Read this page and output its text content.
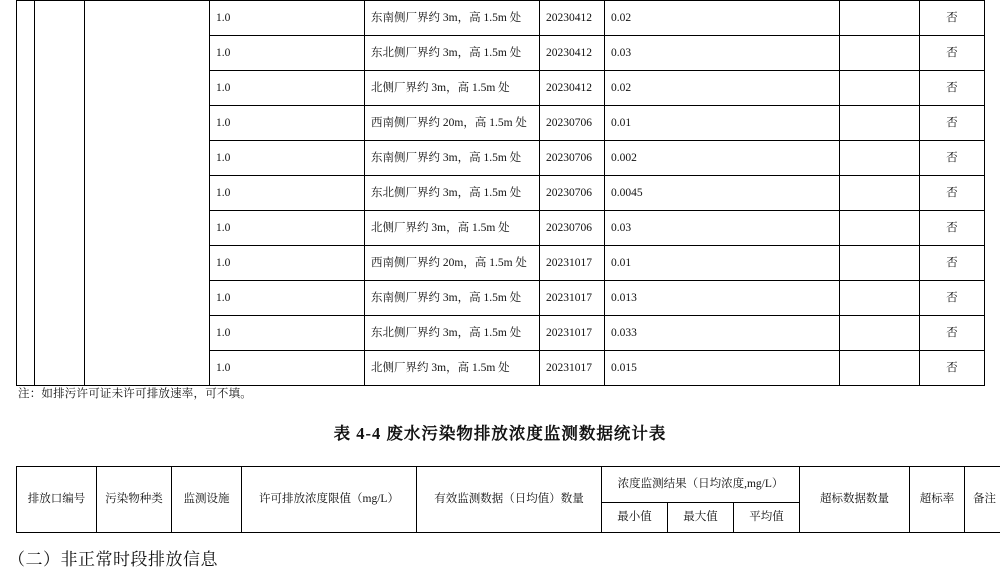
			1.0	东南侧厂界约 3m，高 1.5m 处	20230412	0.02		否
			1.0	东北侧厂界约 3m，高 1.5m 处	20230412	0.03		否
			1.0	北侧厂界约 3m，高 1.5m 处	20230412	0.02		否
			1.0	西南侧厂界约 20m，高 1.5m 处	20230706	0.01		否
			1.0	东南侧厂界约 3m，高 1.5m 处	20230706	0.002		否
			1.0	东北侧厂界约 3m，高 1.5m 处	20230706	0.0045		否
			1.0	北侧厂界约 3m，高 1.5m 处	20230706	0.03		否
			1.0	西南侧厂界约 20m，高 1.5m 处	20231017	0.01		否
			1.0	东南侧厂界约 3m，高 1.5m 处	20231017	0.013		否
			1.0	东北侧厂界约 3m，高 1.5m 处	20231017	0.033		否
			1.0	北侧厂界约 3m，高 1.5m 处	20231017	0.015		否
注：如排污许可证未许可排放速率，可不填。
表 4-4 废水污染物排放浓度监测数据统计表
排放口编号	污染物种类	监测设施	许可排放浓度限值（mg/L）	有效监测数据（日均值）数量	浓度监测结果（日均浓度,mg/L）			超标数据数量	超标率	备注
					最小值	最大值	平均值			
（二）非正常时段排放信息
